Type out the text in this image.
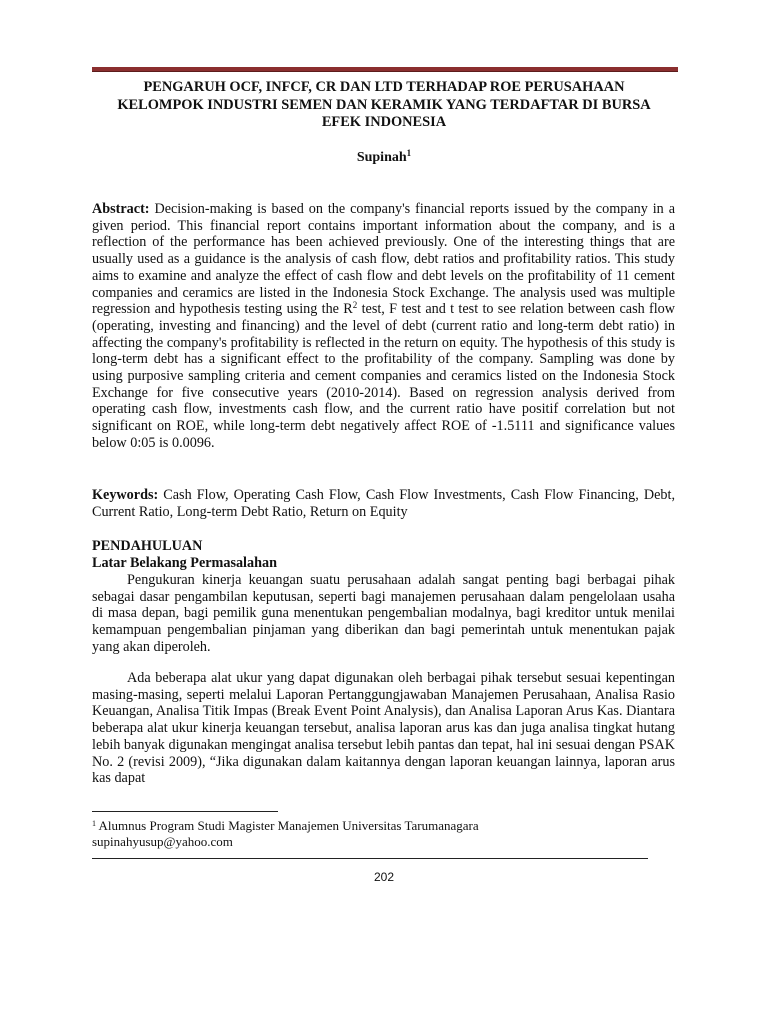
PENGARUH OCF, INFCF, CR DAN LTD TERHADAP ROE PERUSAHAAN
KELOMPOK INDUSTRI SEMEN DAN KERAMIK YANG TERDAFTAR DI BURSA
EFEK INDONESIA
Supinah$^1$

Abstract: Decision-making is based on the company's financial reports issued by the company in a given period. This financial report contains important information about the company, and is a reflection of the performance has been achieved previously. One of the interesting things that are usually used as a guidance is the analysis of cash flow, debt ratios and profitability ratios. This study aims to examine and analyze the effect of cash flow and debt levels on the profitability of 11 cement companies and ceramics are listed in the Indonesia Stock Exchange. The analysis used was multiple regression and hypothesis testing using the $R^2$ test, F test and t test to see relation between cash flow (operating, investing and financing) and the level of debt (current ratio and long-term debt ratio) in affecting the company's profitability is reflected in the return on equity. The hypothesis of this study is long-term debt has a significant effect to the profitability of the company. Sampling was done by using purposive sampling criteria and cement companies and ceramics listed on the Indonesia Stock Exchange for five consecutive years (2010-2014). Based on regression analysis derived from operating cash flow, investments cash flow, and the current ratio have positif correlation but not significant on ROE, while long-term debt negatively affect ROE of -1.5111 and significance values below 0:05 is 0.0096.

Keywords: Cash Flow, Operating Cash Flow, Cash Flow Investments, Cash Flow Financing, Debt, Current Ratio, Long-term Debt Ratio, Return on Equity

PENDAHULUAN
Latar Belakang Permasalahan

Pengukuran kinerja keuangan suatu perusahaan adalah sangat penting bagi berbagai pihak sebagai dasar pengambilan keputusan, seperti bagi manajemen perusahaan dalam pengelolaan usaha di masa depan, bagi pemilik guna menentukan pengembalian modalnya, bagi kreditor untuk menilai kemampuan pengembalian pinjaman yang diberikan dan bagi pemerintah untuk menentukan pajak yang akan diperoleh.

Ada beberapa alat ukur yang dapat digunakan oleh berbagai pihak tersebut sesuai kepentingan masing-masing, seperti melalui Laporan Pertanggungjawaban Manajemen Perusahaan, Analisa Rasio Keuangan, Analisa Titik Impas (Break Event Point Analysis), dan Analisa Laporan Arus Kas. Diantara beberapa alat ukur kinerja keuangan tersebut, analisa laporan arus kas dan juga analisa tingkat hutang lebih banyak digunakan mengingat analisa tersebut lebih pantas dan tepat, hal ini sesuai dengan PSAK No. 2 (revisi 2009), “Jika digunakan dalam kaitannya dengan laporan keuangan lainnya, laporan arus kas dapat

$^1$ Alumnus Program Studi Magister Manajemen Universitas Tarumanagara
supinahyusup@yahoo.com
202
